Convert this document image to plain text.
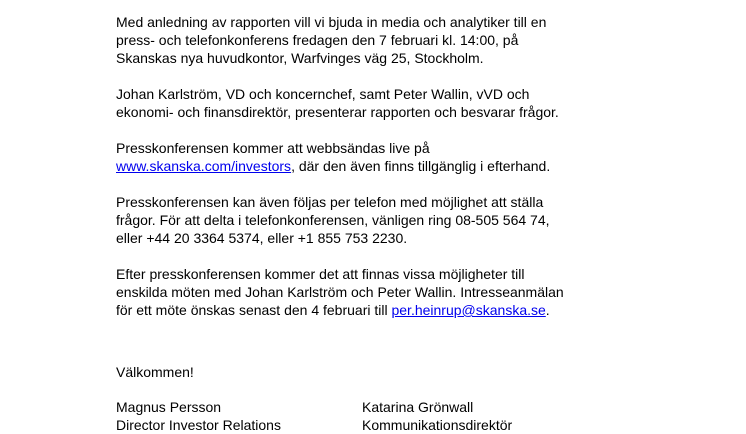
Med anledning av rapporten vill vi bjuda in media och analytiker till en

press- och telefonkonferens fredagen den 7 februari kl. 14:00, på

Skanskas nya huvudkontor, Warfvinges väg 25, Stockholm.

Johan Karlström, VD och koncernchef, samt Peter Wallin, vVD och

ekonomi- och finansdirektör, presenterar rapporten och besvarar frågor.

Presskonferensen kommer att webbsändas live på

www.skanska.com/investors, där den även finns tillgänglig i efterhand.

Presskonferensen kan även följas per telefon med möjlighet att ställa

frågor. För att delta i telefonkonferensen, vänligen ring 08-505 564 74,

eller +44 20 3364 5374, eller +1 855 753 2230.

Efter presskonferensen kommer det att finnas vissa möjligheter till

enskilda möten med Johan Karlström och Peter Wallin. Intresseanmälan

för ett möte önskas senast den 4 februari till per.heinrup@skanska.se.

Välkommen!

Magnus Persson
Director Investor Relations
Katarina Grönwall
Kommunikationsdirektör
